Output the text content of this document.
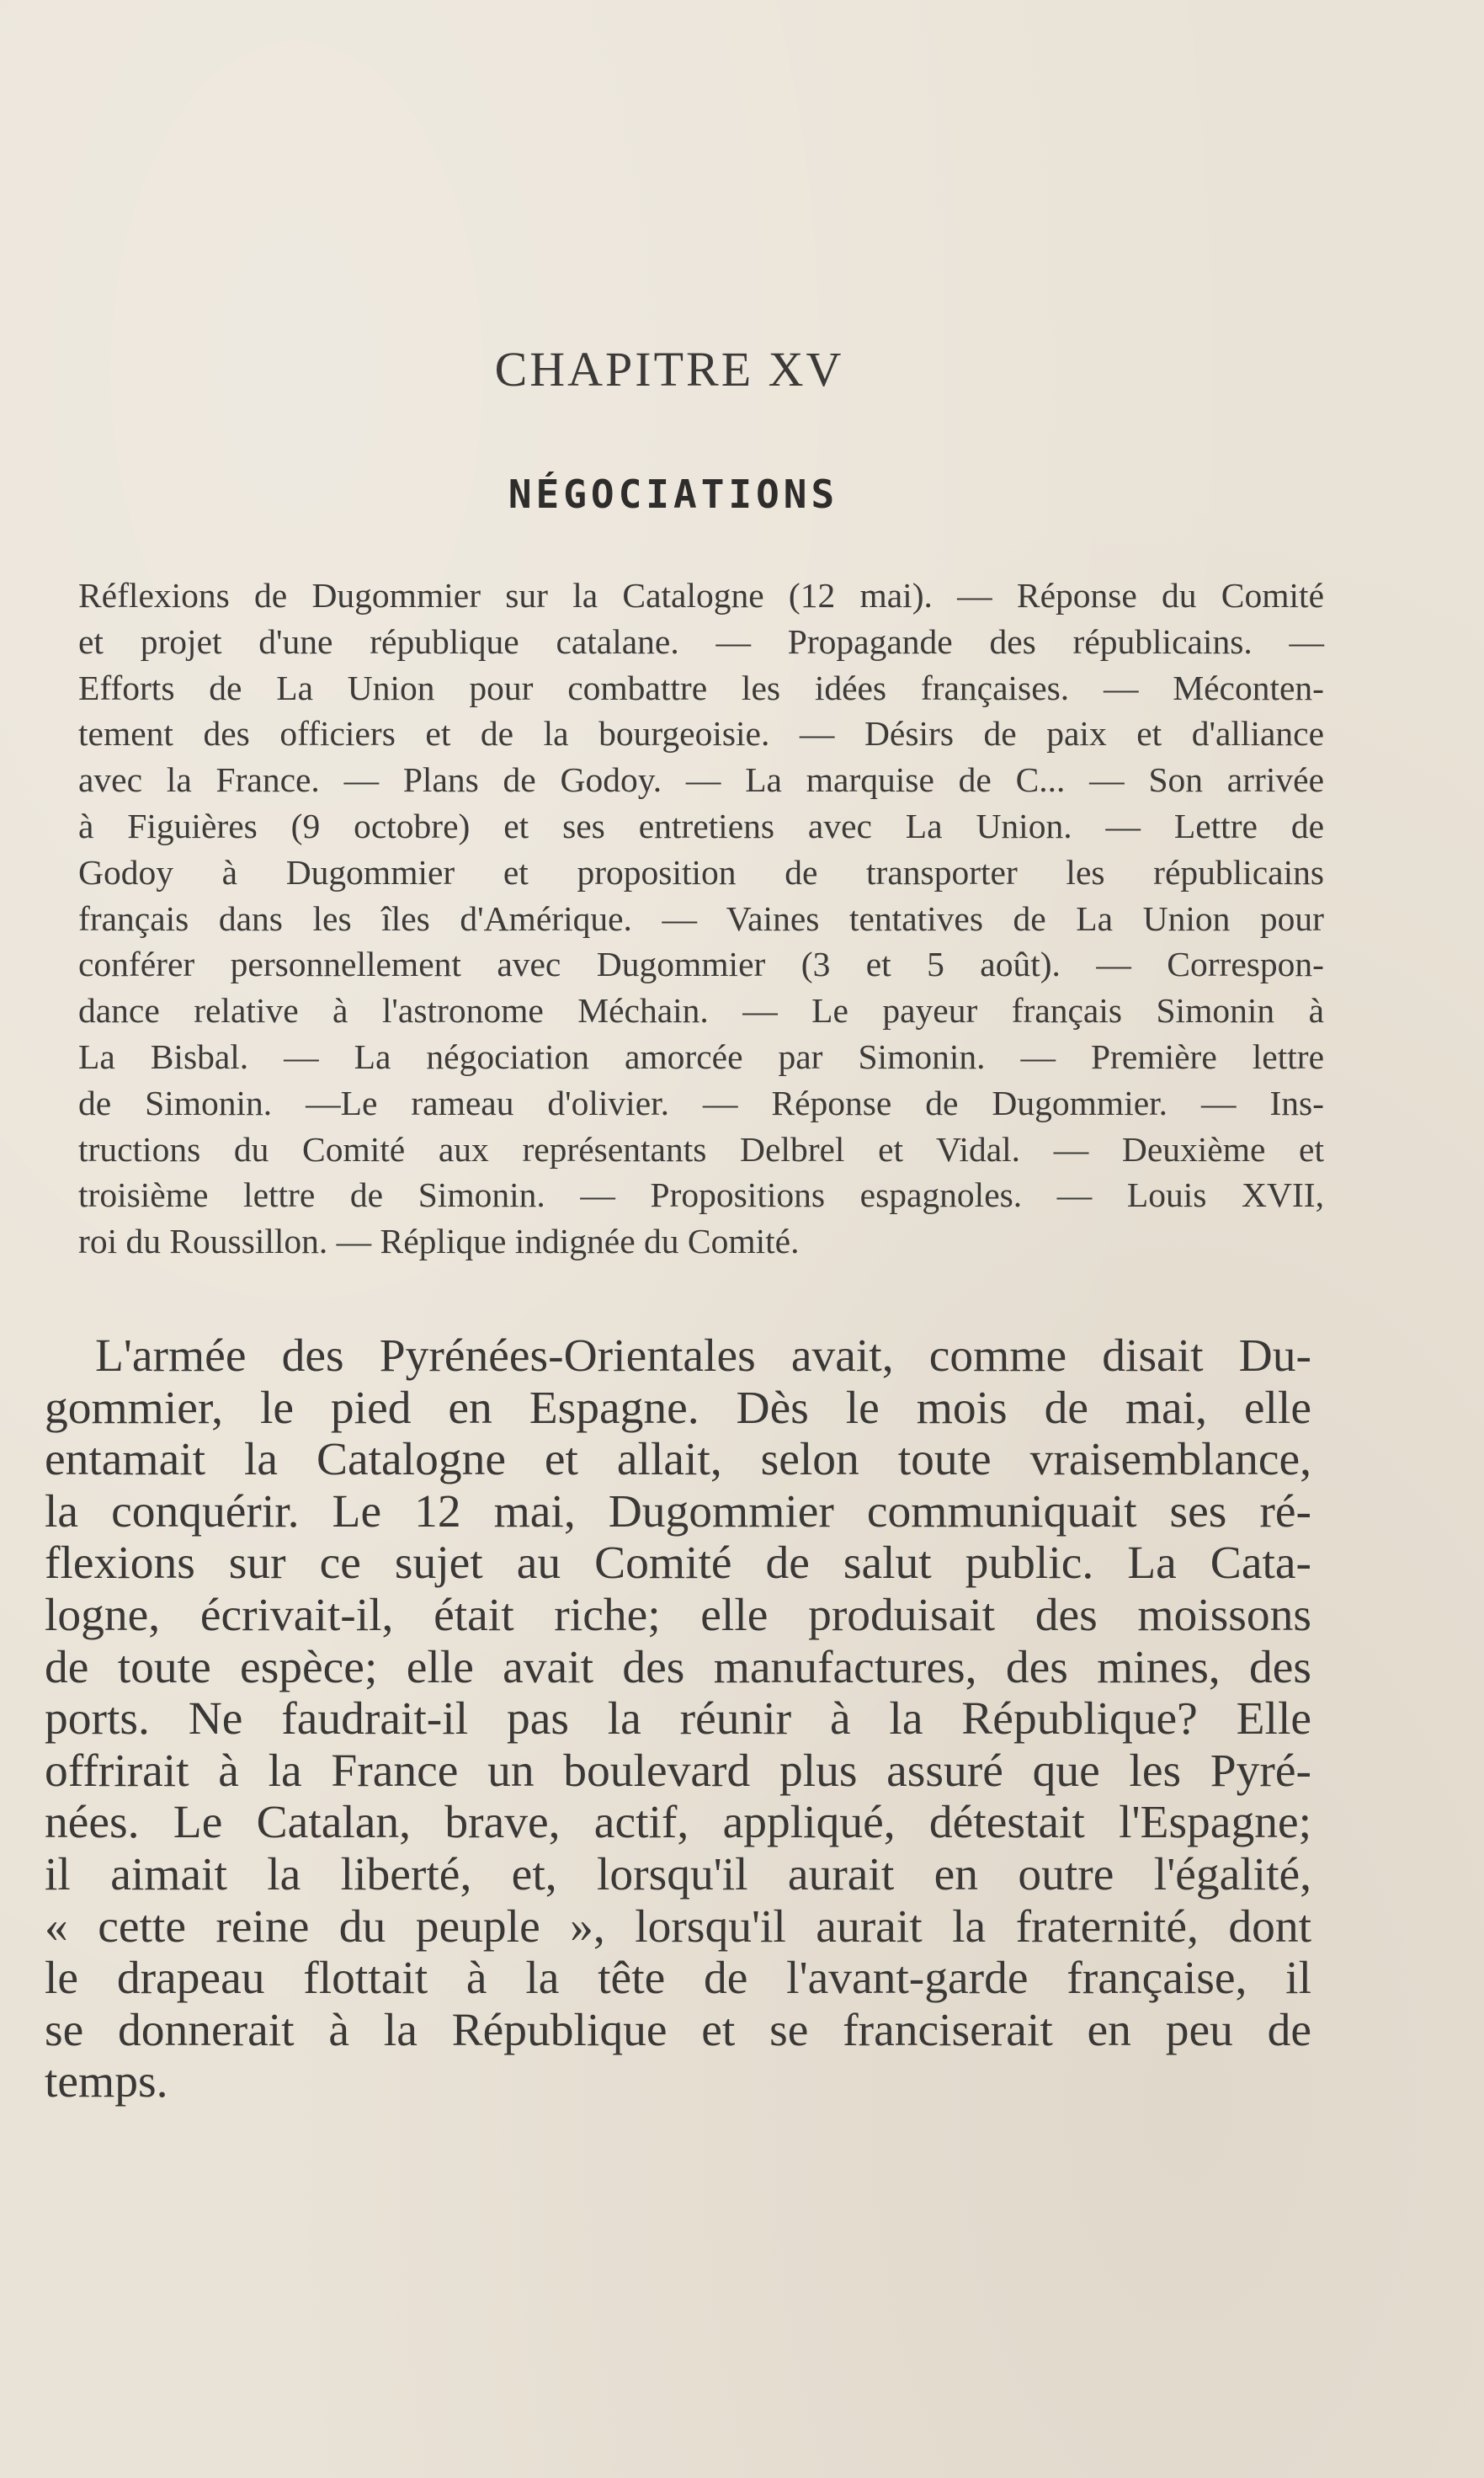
CHAPITRE XV
NÉGOCIATIONS
Réflexions de Dugommier sur la Catalogne (12 mai). — Réponse du Comité
et projet d'une république catalane. — Propagande des républicains. —
Efforts de La Union pour combattre les idées françaises. — Méconten-
tement des officiers et de la bourgeoisie. — Désirs de paix et d'alliance
avec la France. — Plans de Godoy. — La marquise de C... — Son arrivée
à Figuières (9 octobre) et ses entretiens avec La Union. — Lettre de
Godoy à Dugommier et proposition de transporter les républicains
français dans les îles d'Amérique. — Vaines tentatives de La Union pour
conférer personnellement avec Dugommier (3 et 5 août). — Correspon-
dance relative à l'astronome Méchain. — Le payeur français Simonin à
La Bisbal. — La négociation amorcée par Simonin. — Première lettre
de Simonin. —Le rameau d'olivier. — Réponse de Dugommier. — Ins-
tructions du Comité aux représentants Delbrel et Vidal. — Deuxième et
troisième lettre de Simonin. — Propositions espagnoles. — Louis XVII,
roi du Roussillon. — Réplique indignée du Comité.
L'armée des Pyrénées-Orientales avait, comme disait Du-
gommier, le pied en Espagne. Dès le mois de mai, elle
entamait la Catalogne et allait, selon toute vraisemblance,
la conquérir. Le 12 mai, Dugommier communiquait ses ré-
flexions sur ce sujet au Comité de salut public. La Cata-
logne, écrivait-il, était riche; elle produisait des moissons
de toute espèce; elle avait des manufactures, des mines, des
ports. Ne faudrait-il pas la réunir à la République? Elle
offrirait à la France un boulevard plus assuré que les Pyré-
nées. Le Catalan, brave, actif, appliqué, détestait l'Espagne;
il aimait la liberté, et, lorsqu'il aurait en outre l'égalité,
« cette reine du peuple », lorsqu'il aurait la fraternité, dont
le drapeau flottait à la tête de l'avant-garde française, il
se donnerait à la République et se franciserait en peu de
temps.
